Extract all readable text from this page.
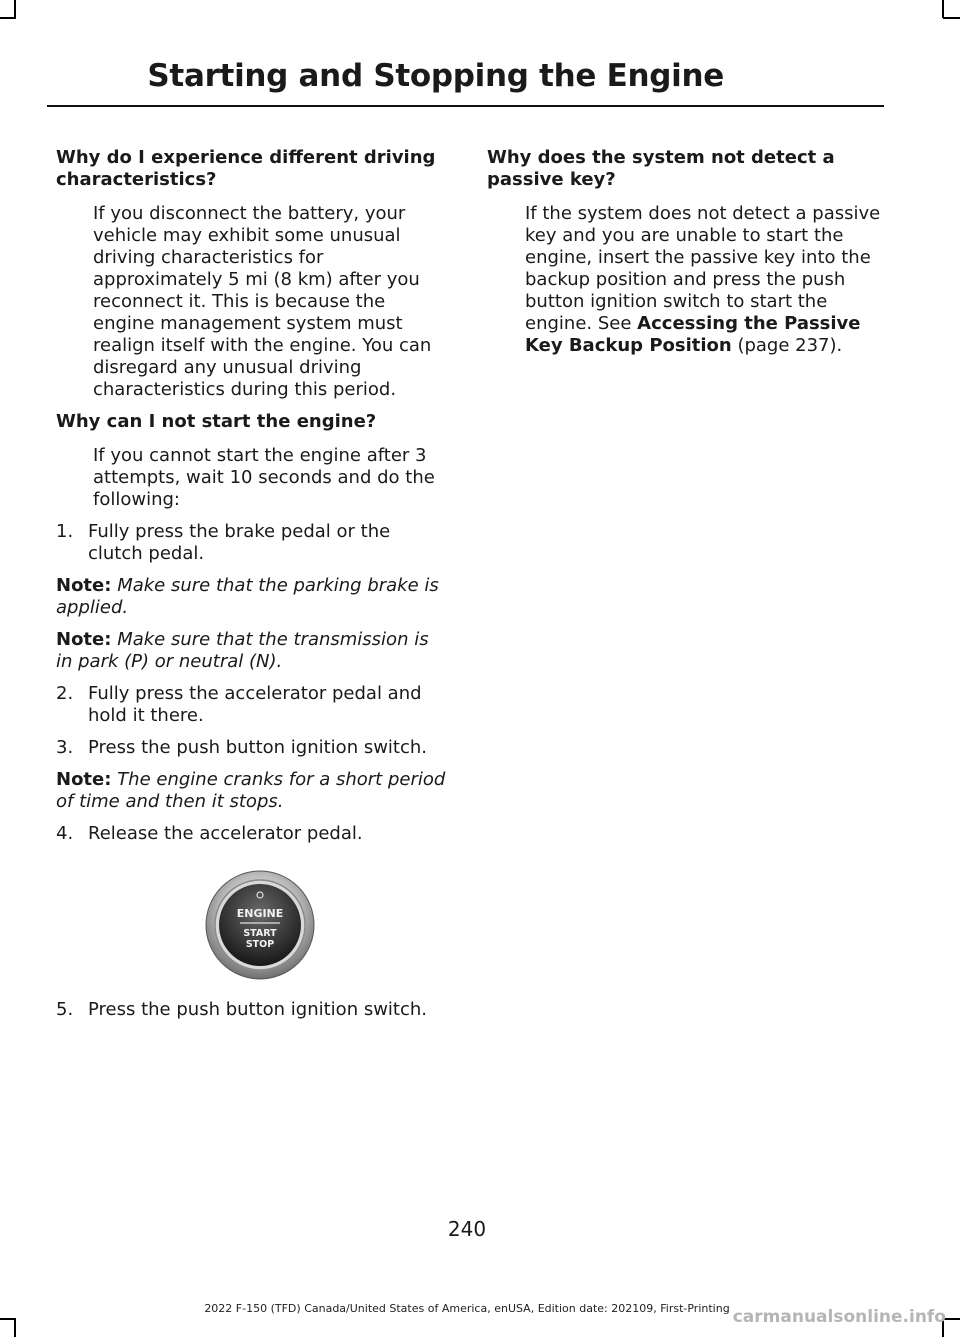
Starting and Stopping the Engine

Why do I experience different driving characteristics?

If you disconnect the battery, your vehicle may exhibit some unusual driving characteristics for approximately 5 mi (8 km) after you reconnect it. This is because the engine management system must realign itself with the engine. You can disregard any unusual driving characteristics during this period.

Why can I not start the engine?

If you cannot start the engine after 3 attempts, wait 10 seconds and do the following:

1. Fully press the brake pedal or the clutch pedal.

Note: Make sure that the parking brake is applied.

Note: Make sure that the transmission is in park (P) or neutral (N).

2. Fully press the accelerator pedal and hold it there.
3. Press the push button ignition switch.

Note: The engine cranks for a short period of time and then it stops.

4. Release the accelerator pedal.
ENGINE
START
STOP
5. Press the push button ignition switch.

Why does the system not detect a passive key?

If the system does not detect a passive key and you are unable to start the engine, insert the passive key into the backup position and press the push button ignition switch to start the engine. See Accessing the Passive Key Backup Position (page 237).

240
2022 F-150 (TFD) Canada/United States of America, enUSA, Edition date: 202109, First-Printing carmanualsonline.info
